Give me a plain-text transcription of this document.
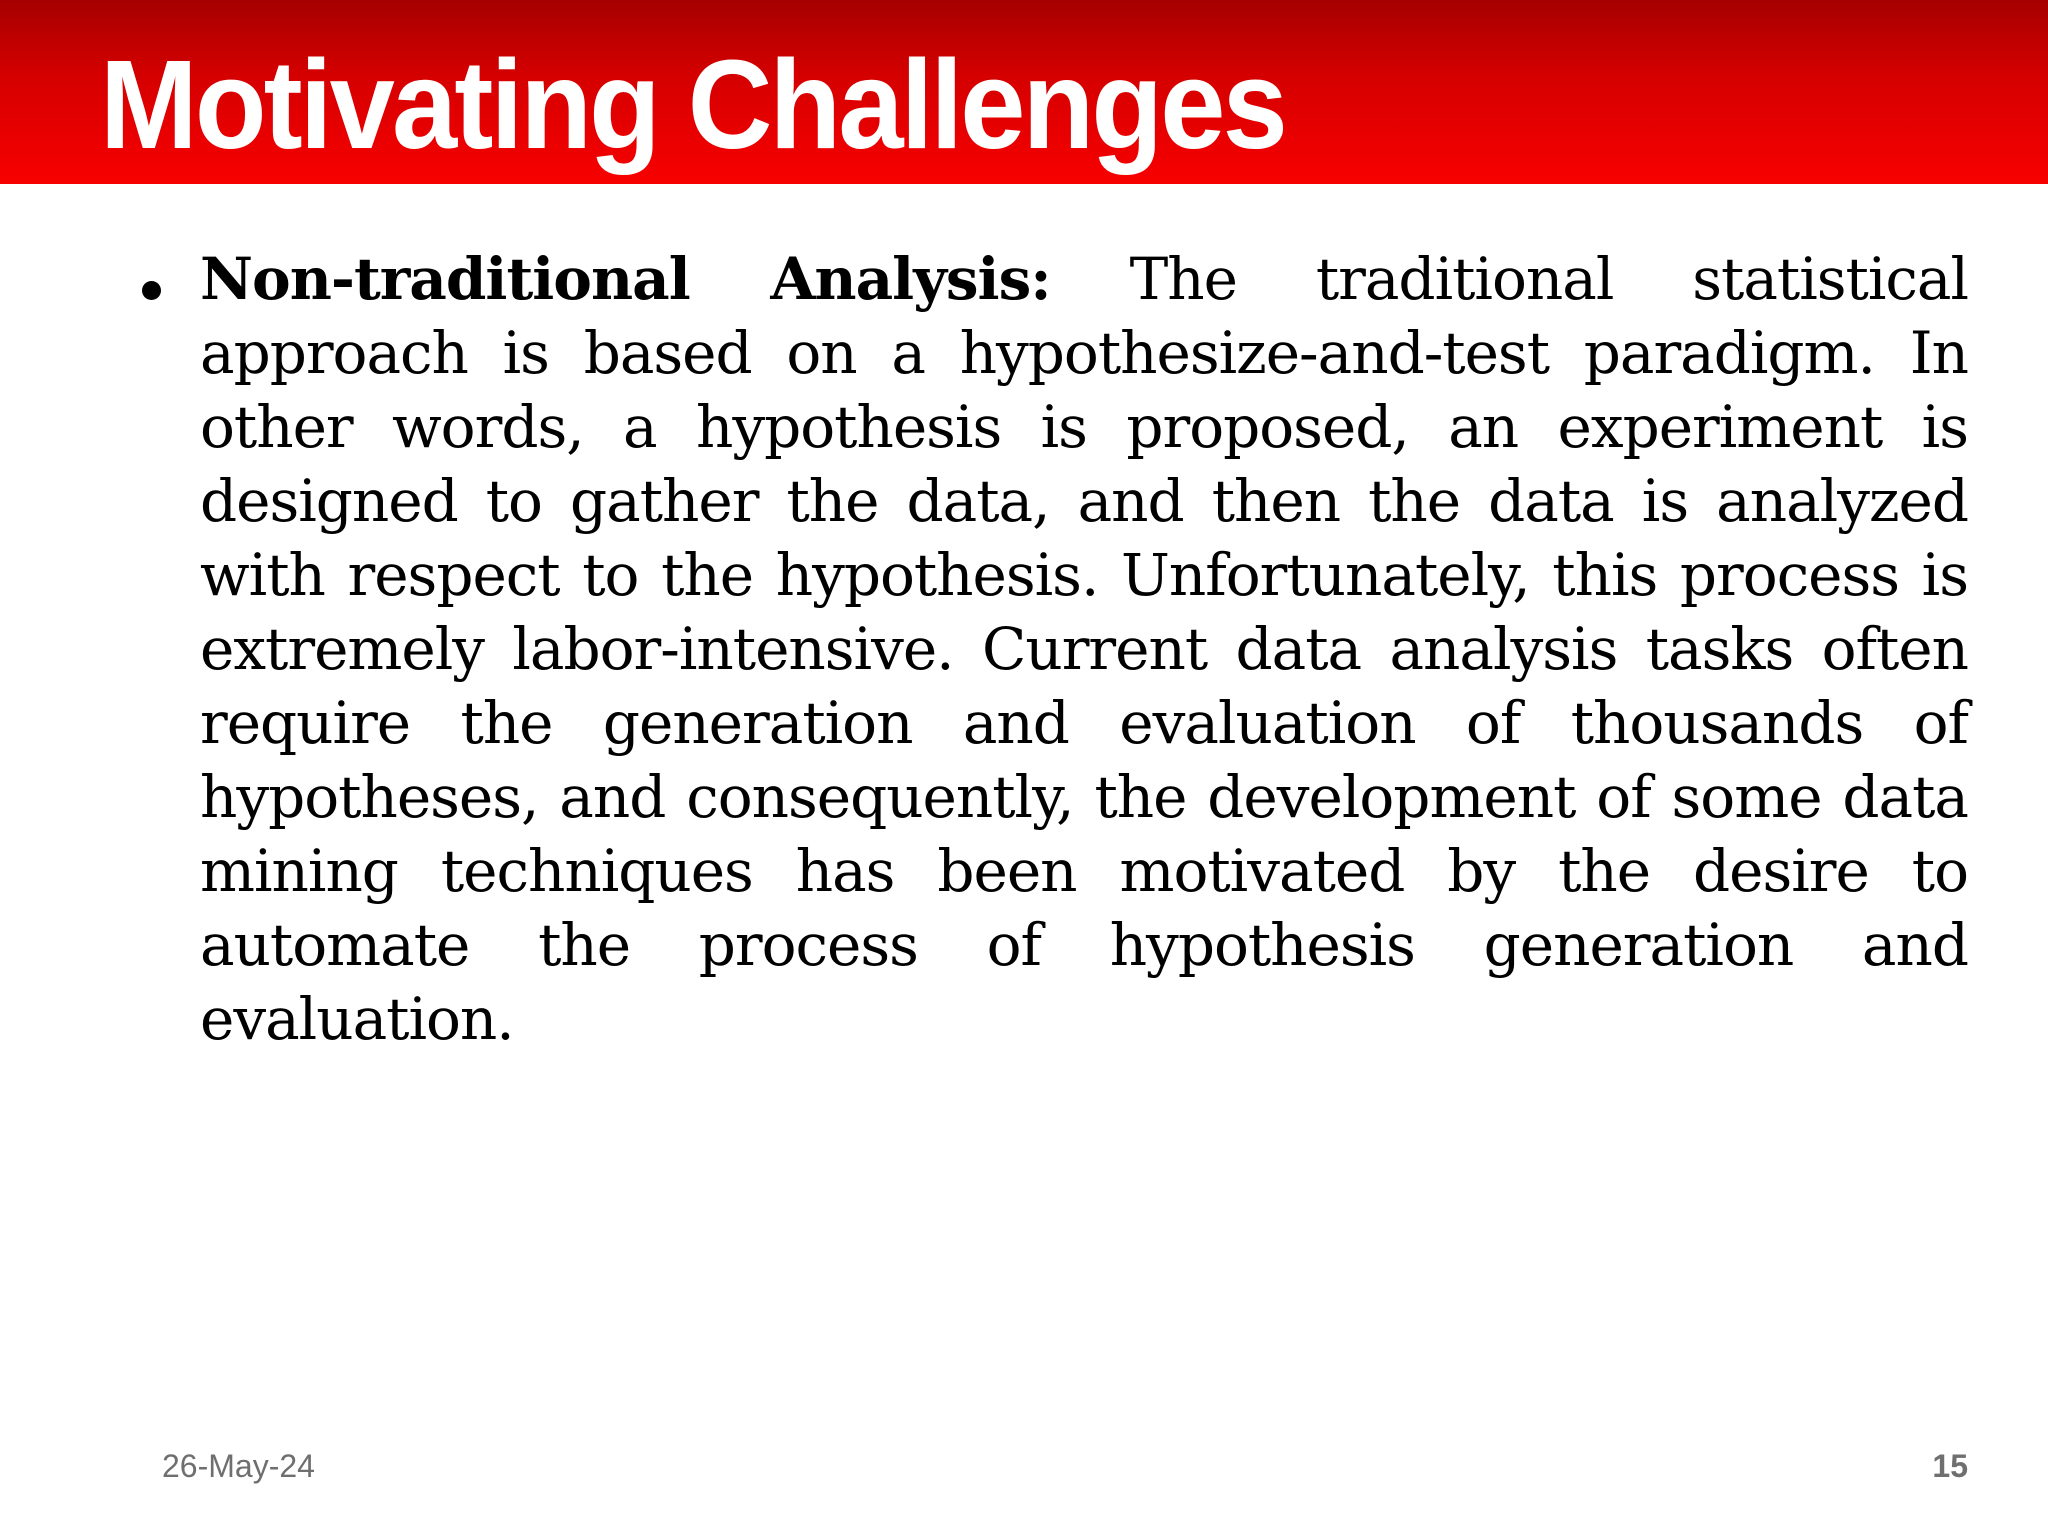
Motivating Challenges

Non-traditional Analysis: The traditional statistical approach is based on a hypothesize-and-test paradigm. In other words, a hypothesis is proposed, an experiment is designed to gather the data, and then the data is analyzed with respect to the hypothesis. Unfortunately, this process is extremely labor-intensive. Current data analysis tasks often require the generation and evaluation of thousands of hypotheses, and consequently, the development of some data mining techniques has been motivated by the desire to automate the process of hypothesis generation and evaluation.

26-May-24	15
